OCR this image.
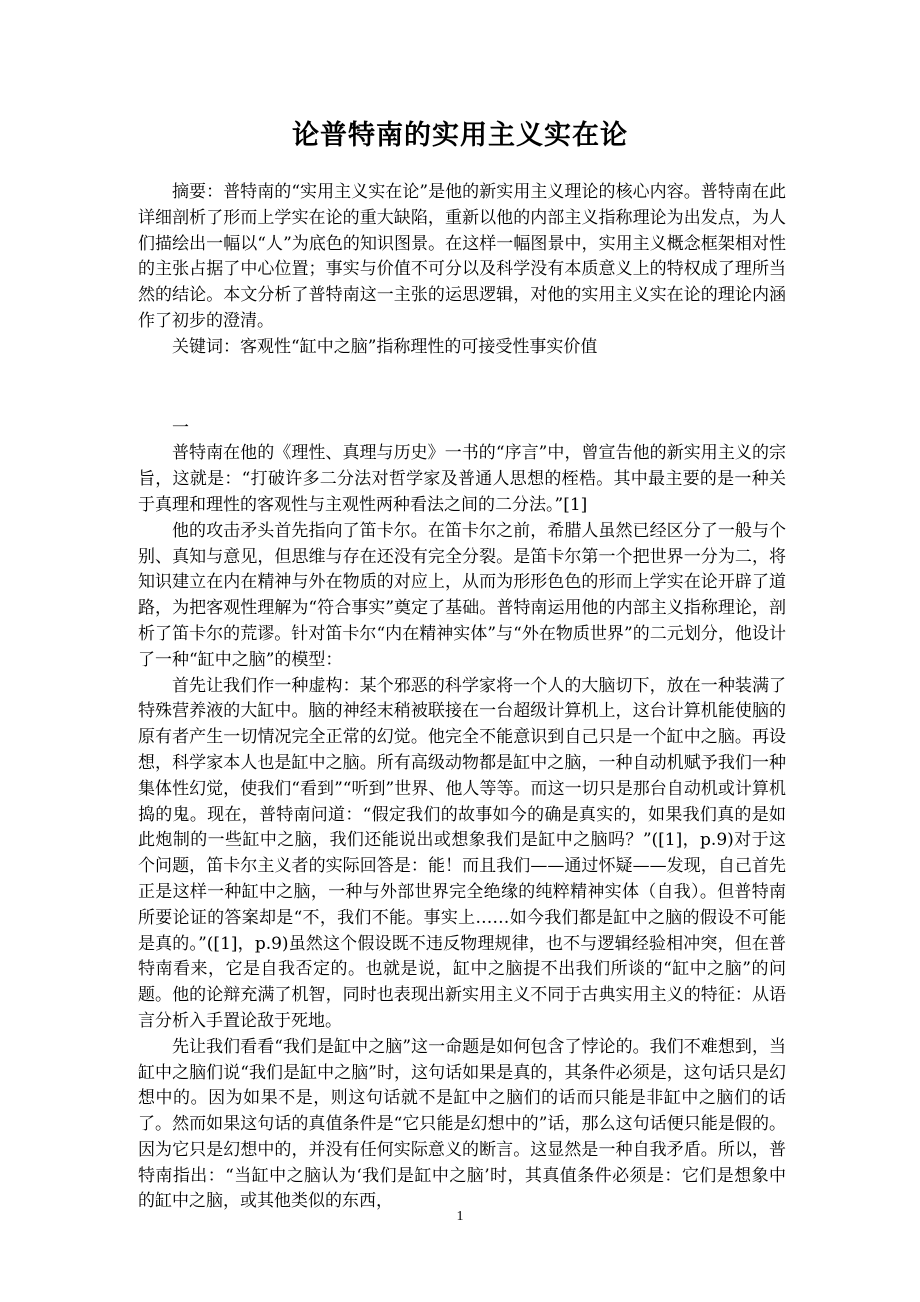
论普特南的实用主义实在论

摘要：普特南的“实用主义实在论”是他的新实用主义理论的核心内容。普特南在此详细剖析了形而上学实在论的重大缺陷，重新以他的内部主义指称理论为出发点，为人们描绘出一幅以“人”为底色的知识图景。在这样一幅图景中，实用主义概念框架相对性的主张占据了中心位置；事实与价值不可分以及科学没有本质意义上的特权成了理所当然的结论。本文分析了普特南这一主张的运思逻辑，对他的实用主义实在论的理论内涵作了初步的澄清。

关键词：客观性“缸中之脑”指称理性的可接受性事实价值

一

普特南在他的《理性、真理与历史》一书的“序言”中，曾宣告他的新实用主义的宗旨，这就是：“打破许多二分法对哲学家及普通人思想的桎梏。其中最主要的是一种关于真理和理性的客观性与主观性两种看法之间的二分法。”[1]

他的攻击矛头首先指向了笛卡尔。在笛卡尔之前，希腊人虽然已经区分了一般与个别、真知与意见，但思维与存在还没有完全分裂。是笛卡尔第一个把世界一分为二，将知识建立在内在精神与外在物质的对应上，从而为形形色色的形而上学实在论开辟了道路，为把客观性理解为“符合事实”奠定了基础。普特南运用他的内部主义指称理论，剖析了笛卡尔的荒谬。针对笛卡尔“内在精神实体”与“外在物质世界”的二元划分，他设计了一种“缸中之脑”的模型：

首先让我们作一种虚构：某个邪恶的科学家将一个人的大脑切下，放在一种装满了特殊营养液的大缸中。脑的神经末稍被联接在一台超级计算机上，这台计算机能使脑的原有者产生一切情况完全正常的幻觉。他完全不能意识到自己只是一个缸中之脑。再设想，科学家本人也是缸中之脑。所有高级动物都是缸中之脑，一种自动机赋予我们一种集体性幻觉，使我们“看到”“听到”世界、他人等等。而这一切只是那台自动机或计算机捣的鬼。现在，普特南问道：“假定我们的故事如今的确是真实的，如果我们真的是如此炮制的一些缸中之脑，我们还能说出或想象我们是缸中之脑吗？”([1]，p.9)对于这个问题，笛卡尔主义者的实际回答是：能！而且我们——通过怀疑——发现，自己首先正是这样一种缸中之脑，一种与外部世界完全绝缘的纯粹精神实体（自我）。但普特南所要论证的答案却是“不，我们不能。事实上……如今我们都是缸中之脑的假设不可能是真的。”([1]，p.9)虽然这个假设既不违反物理规律，也不与逻辑经验相冲突，但在普特南看来，它是自我否定的。也就是说，缸中之脑提不出我们所谈的“缸中之脑”的问题。他的论辩充满了机智，同时也表现出新实用主义不同于古典实用主义的特征：从语言分析入手置论敌于死地。

先让我们看看“我们是缸中之脑”这一命题是如何包含了悖论的。我们不难想到，当缸中之脑们说“我们是缸中之脑”时，这句话如果是真的，其条件必须是，这句话只是幻想中的。因为如果不是，则这句话就不是缸中之脑们的话而只能是非缸中之脑们的话了。然而如果这句话的真值条件是“它只能是幻想中的”话，那么这句话便只能是假的。因为它只是幻想中的，并没有任何实际意义的断言。这显然是一种自我矛盾。所以，普特南指出：“当缸中之脑认为‘我们是缸中之脑’时，其真值条件必须是：它们是想象中的缸中之脑，或其他类似的东西，

1
